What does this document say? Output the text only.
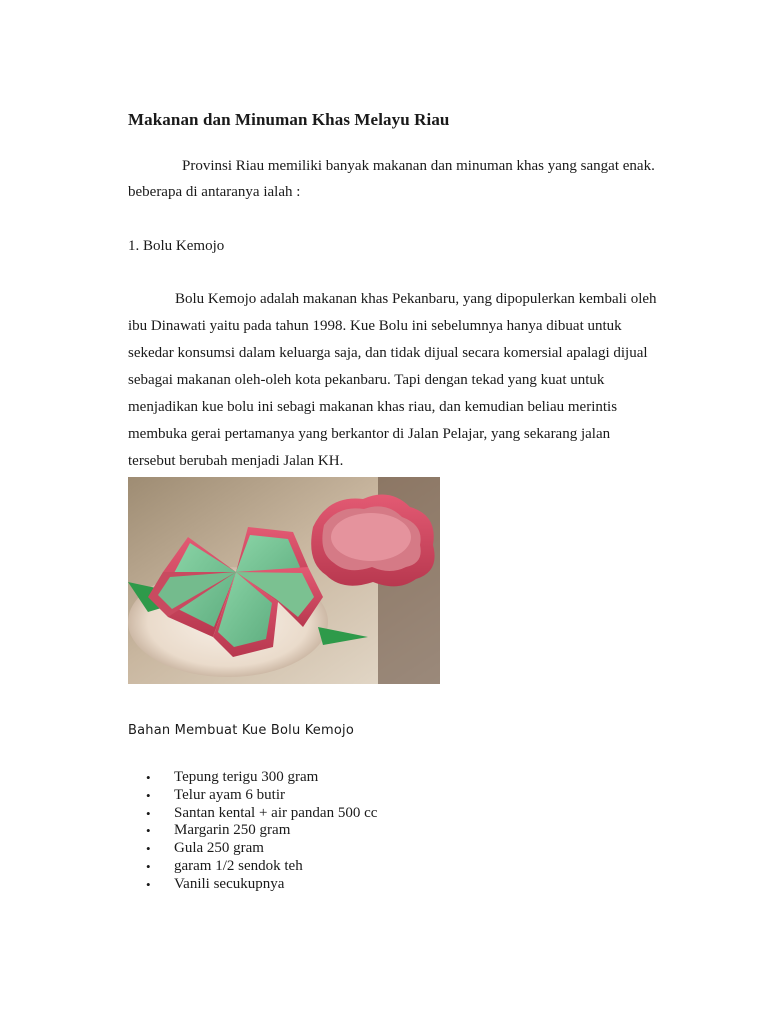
Makanan dan Minuman Khas Melayu Riau
Provinsi Riau memiliki banyak makanan dan minuman khas yang sangat enak.
beberapa di antaranya ialah :
1. Bolu Kemojo
Bolu Kemojo adalah makanan khas Pekanbaru, yang dipopulerkan kembali oleh
ibu Dinawati yaitu pada tahun 1998. Kue Bolu ini sebelumnya hanya dibuat untuk
sekedar konsumsi dalam keluarga saja, dan tidak dijual secara komersial apalagi dijual
sebagai makanan oleh-oleh kota pekanbaru. Tapi dengan tekad yang kuat untuk
menjadikan kue bolu ini sebagi makanan khas riau, dan kemudian beliau merintis
membuka gerai pertamanya yang berkantor di Jalan Pelajar, yang sekarang jalan
tersebut berubah menjadi Jalan KH.
Bahan Membuat Kue Bolu Kemojo
• Tepung terigu 300 gram
• Telur ayam 6 butir
• Santan kental + air pandan 500 cc
• Margarin 250 gram
• Gula 250 gram
• garam 1/2 sendok teh
• Vanili secukupnya
